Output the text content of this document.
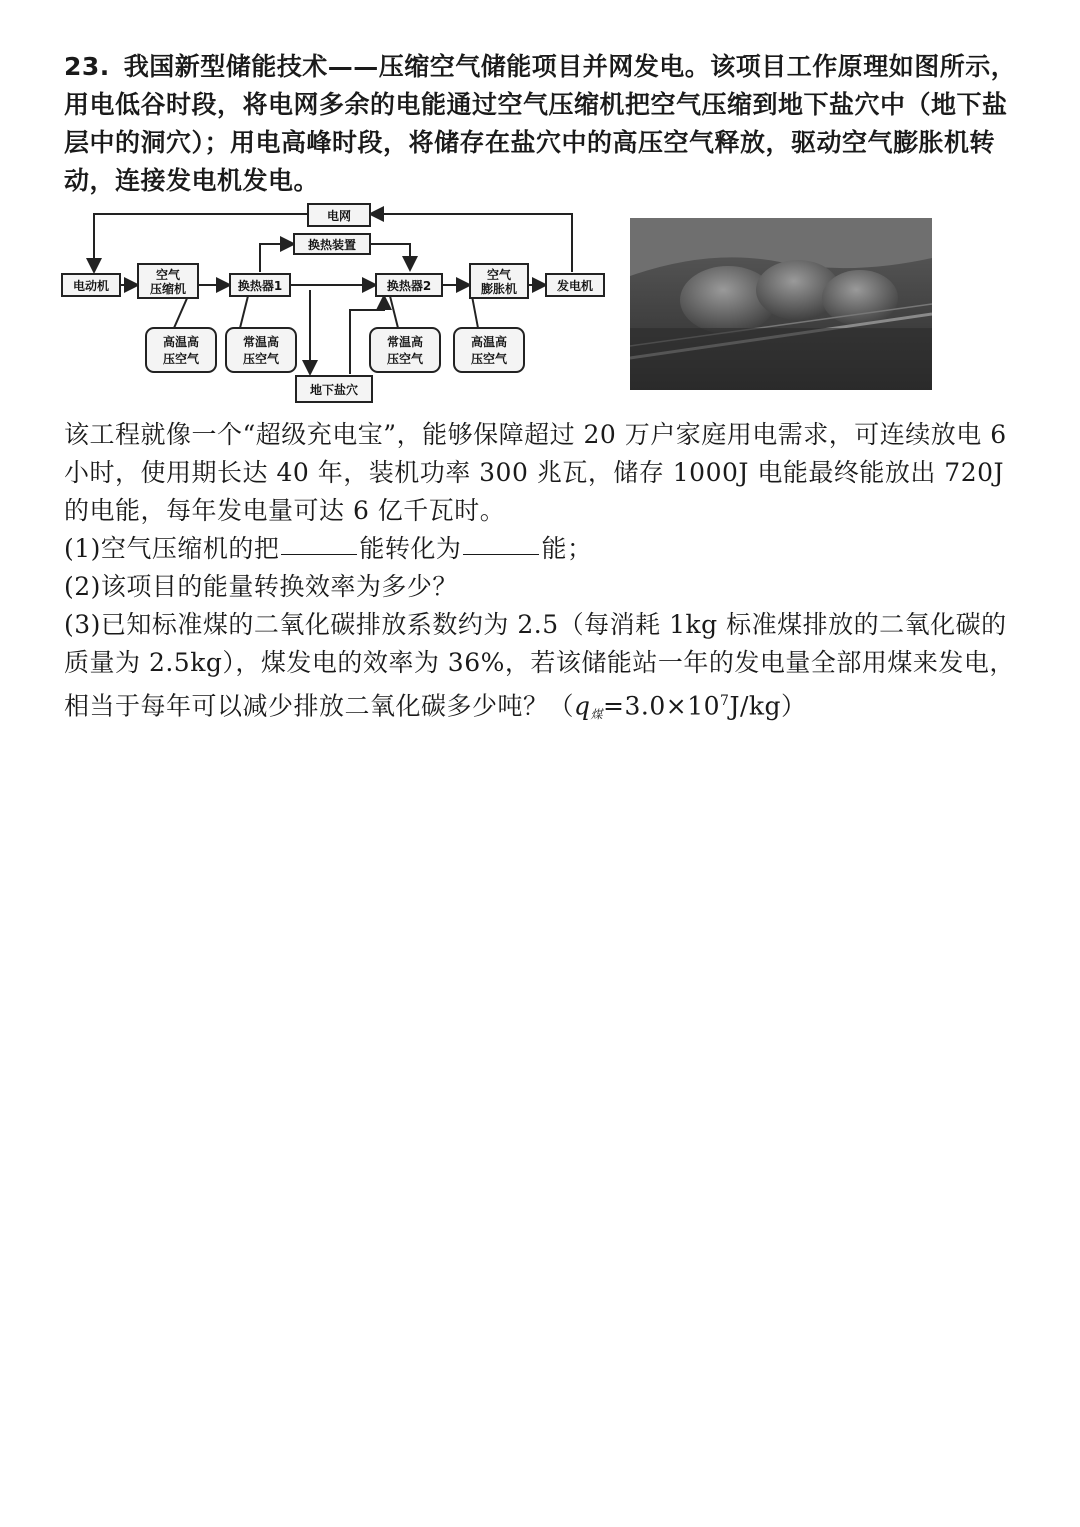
23. 我国新型储能技术——压缩空气储能项目并网发电。该项目工作原理如图所示，用电低谷时段，将电网多余的电能通过空气压缩机把空气压缩到地下盐穴中（地下盐层中的洞穴）；用电高峰时段，将储存在盐穴中的高压空气释放，驱动空气膨胀机转动，连接发电机发电。
电网
换热装置
电动机
空气
压缩机	换热器1	换热器2
空气
膨胀机	发电机
地下盐穴
高温高
压空气
常温高
压空气
常温高
压空气
高温高
压空气
该工程就像一个“超级充电宝”，能够保障超过 20 万户家庭用电需求，可连续放电 6 小时，使用期长达 40 年，装机功率 300 兆瓦，储存 1000J 电能最终能放出 720J 的电能，每年发电量可达 6 亿千瓦时。
(1)空气压缩机的把	能转化为	能；
(2)该项目的能量转换效率为多少？
(3)已知标准煤的二氧化碳排放系数约为 2.5（每消耗 1kg 标准煤排放的二氧化碳的质量为 2.5kg），煤发电的效率为 36%，若该储能站一年的发电量全部用煤来发电，相当于每年可以减少排放二氧化碳多少吨？（q煤$=3.0\times 10^7J/kg$）
